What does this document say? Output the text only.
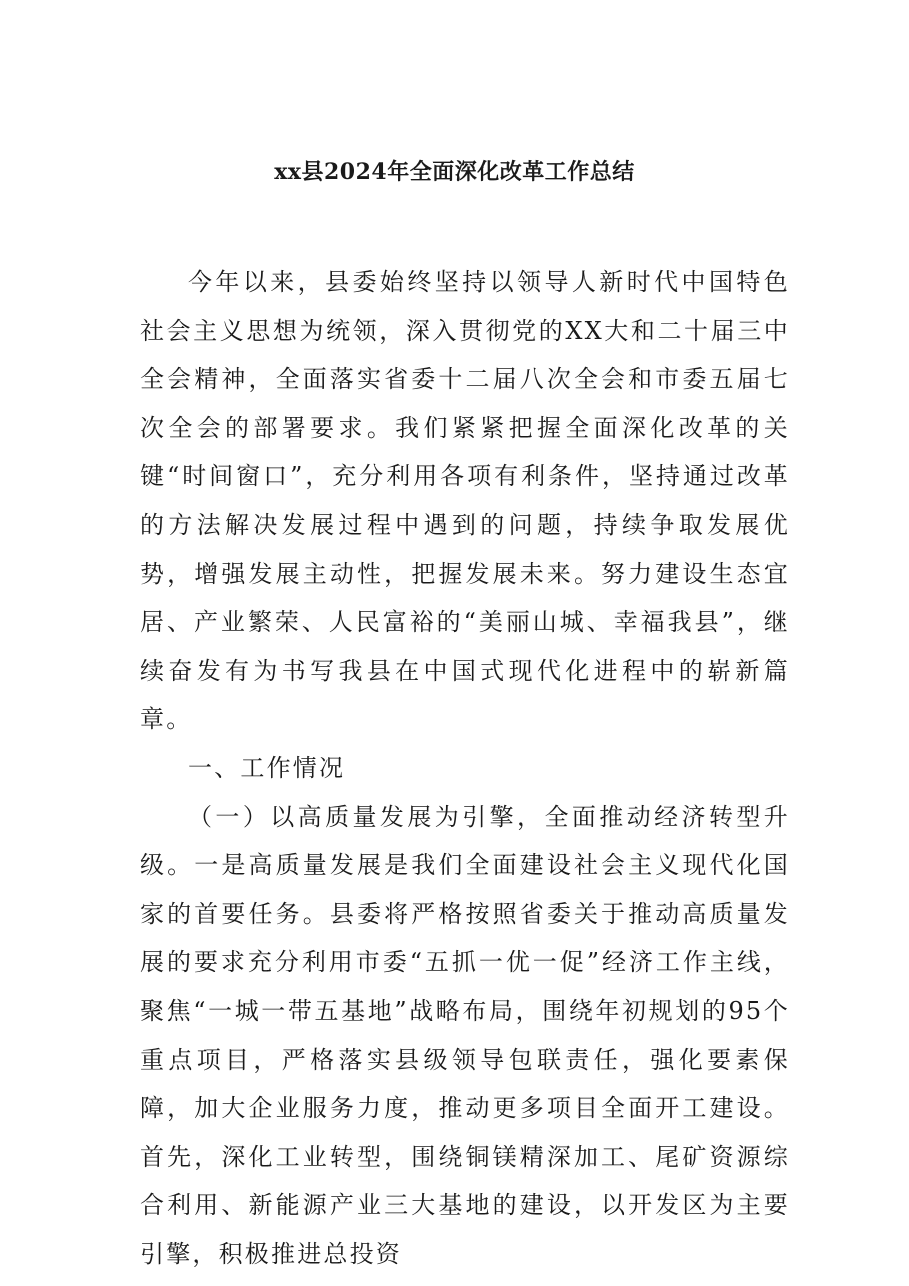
xx县2024年全面深化改革工作总结

今年以来，县委始终坚持以领导人新时代中国特色社会主义思想为统领，深入贯彻党的XX大和二十届三中全会精神，全面落实省委十二届八次全会和市委五届七次全会的部署要求。我们紧紧把握全面深化改革的关键“时间窗口”，充分利用各项有利条件，坚持通过改革的方法解决发展过程中遇到的问题，持续争取发展优势，增强发展主动性，把握发展未来。努力建设生态宜居、产业繁荣、人民富裕的“美丽山城、幸福我县”，继续奋发有为书写我县在中国式现代化进程中的崭新篇章。

一、工作情况

（一）以高质量发展为引擎，全面推动经济转型升级。一是高质量发展是我们全面建设社会主义现代化国家的首要任务。县委将严格按照省委关于推动高质量发展的要求充分利用市委“五抓一优一促”经济工作主线，聚焦“一城一带五基地”战略布局，围绕年初规划的95个重点项目，严格落实县级领导包联责任，强化要素保障，加大企业服务力度，推动更多项目全面开工建设。首先，深化工业转型，围绕铜镁精深加工、尾矿资源综合利用、新能源产业三大基地的建设，以开发区为主要引擎，积极推进总投资
